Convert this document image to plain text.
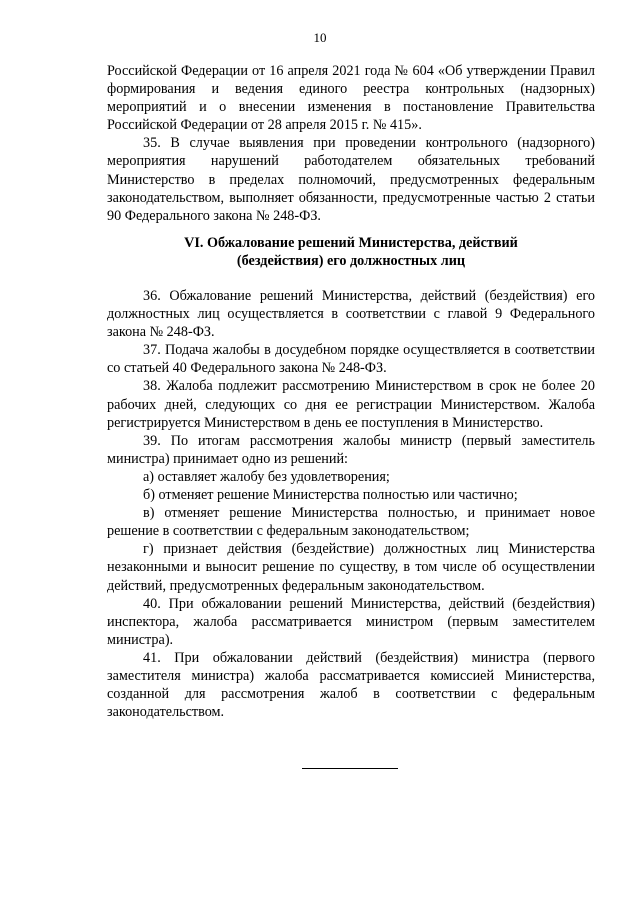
10

Российской Федерации от 16 апреля 2021 года № 604 «Об утверждении Правил формирования и ведения единого реестра контрольных (надзорных) мероприятий и о внесении изменения в постановление Правительства Российской Федерации от 28 апреля 2015 г. № 415».

35. В случае выявления при проведении контрольного (надзорного) мероприятия нарушений работодателем обязательных требований Министерство в пределах полномочий, предусмотренных федеральным законодательством, выполняет обязанности, предусмотренные частью 2 статьи 90 Федерального закона № 248-ФЗ.

VI. Обжалование решений Министерства, действий
(бездействия) его должностных лиц

36. Обжалование решений Министерства, действий (бездействия) его должностных лиц осуществляется в соответствии с главой 9 Федерального закона № 248-ФЗ.

37. Подача жалобы в досудебном порядке осуществляется в соответствии со статьей 40 Федерального закона № 248-ФЗ.

38. Жалоба подлежит рассмотрению Министерством в срок не более 20 рабочих дней, следующих со дня ее регистрации Министерством. Жалоба регистрируется Министерством в день ее поступления в Министерство.

39. По итогам рассмотрения жалобы министр (первый заместитель министра) принимает одно из решений:

а) оставляет жалобу без удовлетворения;

б) отменяет решение Министерства полностью или частично;

в) отменяет решение Министерства полностью, и принимает новое решение в соответствии с федеральным законодательством;

г) признает действия (бездействие) должностных лиц Министерства незаконными и выносит решение по существу, в том числе об осуществлении действий, предусмотренных федеральным законодательством.

40. При обжаловании решений Министерства, действий (бездействия) инспектора, жалоба рассматривается министром (первым заместителем министра).

41. При обжаловании действий (бездействия) министра (первого заместителя министра) жалоба рассматривается комиссией Министерства, созданной для рассмотрения жалоб в соответствии с федеральным законодательством.
